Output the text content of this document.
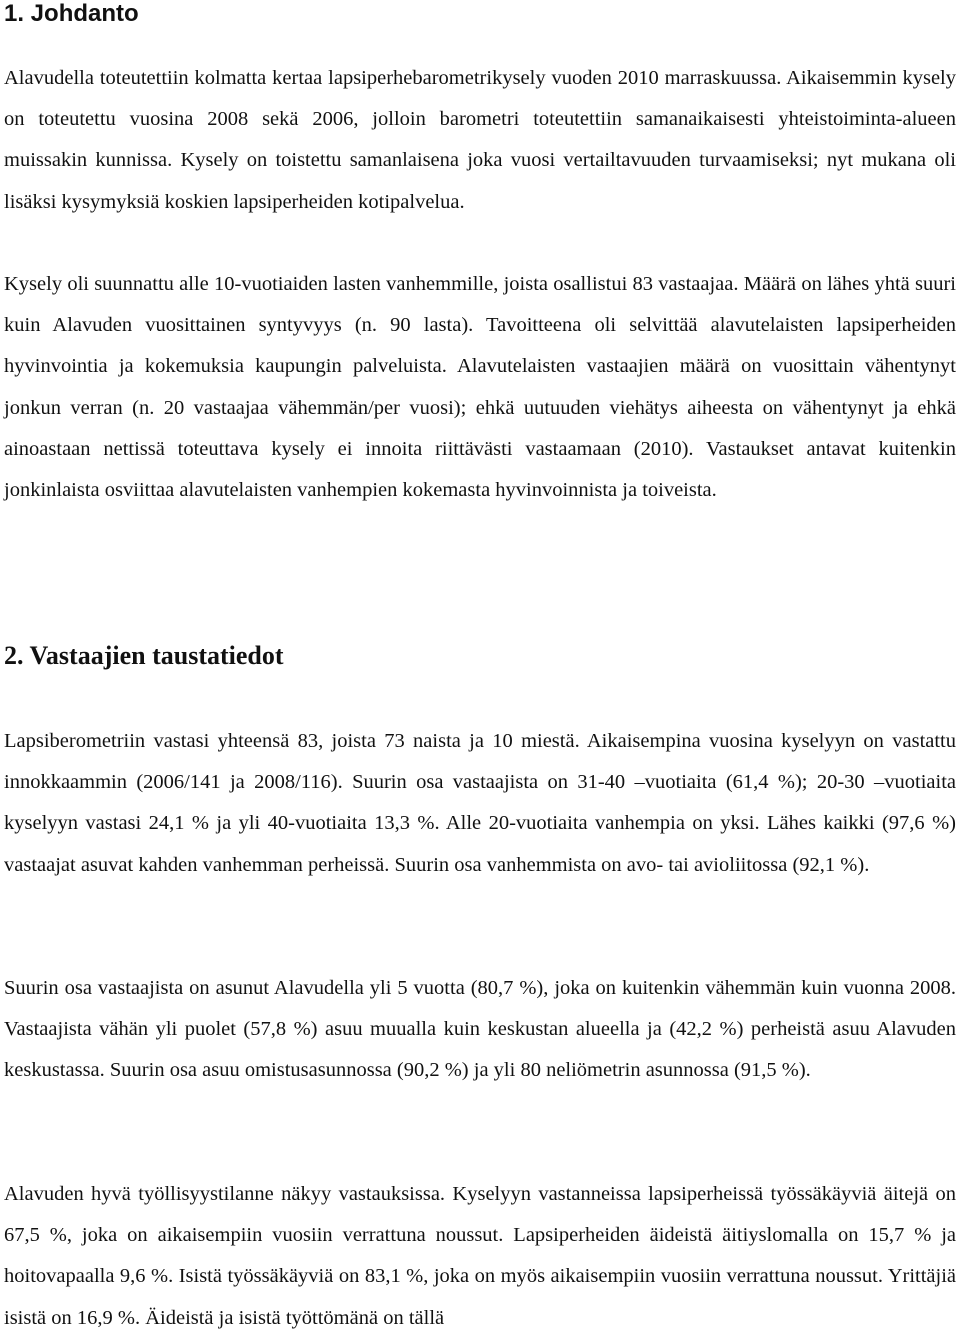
1. Johdanto

Alavudella toteutettiin kolmatta kertaa lapsiperhebarometrikysely vuoden 2010 marraskuussa. Aikaisemmin kysely on toteutettu vuosina 2008 sekä 2006, jolloin barometri toteutettiin samanaikaisesti yhteistoiminta-alueen muissakin kunnissa. Kysely on toistettu samanlaisena joka vuosi vertailtavuuden turvaamiseksi; nyt mukana oli lisäksi kysymyksiä koskien lapsiperheiden kotipalvelua.

Kysely oli suunnattu alle 10-vuotiaiden lasten vanhemmille, joista osallistui 83 vastaajaa. Määrä on lähes yhtä suuri kuin Alavuden vuosittainen syntyvyys (n. 90 lasta). Tavoitteena oli selvittää alavutelaisten lapsiperheiden hyvinvointia ja kokemuksia kaupungin palveluista. Alavutelaisten vastaajien määrä on vuosittain vähentynyt jonkun verran (n. 20 vastaajaa vähemmän/per vuosi); ehkä uutuuden viehätys aiheesta on vähentynyt ja ehkä ainoastaan nettissä toteuttava kysely ei innoita riittävästi vastaamaan (2010). Vastaukset antavat kuitenkin jonkinlaista osviittaa alavutelaisten vanhempien kokemasta hyvinvoinnista ja toiveista.

2. Vastaajien taustatiedot

Lapsiberometriin vastasi yhteensä 83, joista 73 naista ja 10 miestä. Aikaisempina vuosina kyselyyn on vastattu innokkaammin (2006/141 ja 2008/116). Suurin osa vastaajista on 31-40 –vuotiaita (61,4 %); 20-30 –vuotiaita kyselyyn vastasi 24,1 % ja yli 40-vuotiaita 13,3 %. Alle 20-vuotiaita vanhempia on yksi. Lähes kaikki (97,6 %) vastaajat asuvat kahden vanhemman perheissä. Suurin osa vanhemmista on avo- tai avioliitossa (92,1 %).

Suurin osa vastaajista on asunut Alavudella yli 5 vuotta (80,7 %), joka on kuitenkin vähemmän kuin vuonna 2008. Vastaajista vähän yli puolet (57,8 %) asuu muualla kuin keskustan alueella ja (42,2 %) perheistä asuu Alavuden keskustassa. Suurin osa asuu omistusasunnossa (90,2 %) ja yli 80 neliömetrin asunnossa (91,5 %).

Alavuden hyvä työllisyystilanne näkyy vastauksissa. Kyselyyn vastanneissa lapsiperheissä työssäkäyviä äitejä on 67,5 %, joka on aikaisempiin vuosiin verrattuna noussut. Lapsiperheiden äideistä äitiyslomalla on 15,7 % ja hoitovapaalla 9,6 %. Isistä työssäkäyviä on 83,1 %, joka on myös aikaisempiin vuosiin verrattuna noussut. Yrittäjiä isistä on 16,9 %. Äideistä ja isistä työttömänä on tällä
